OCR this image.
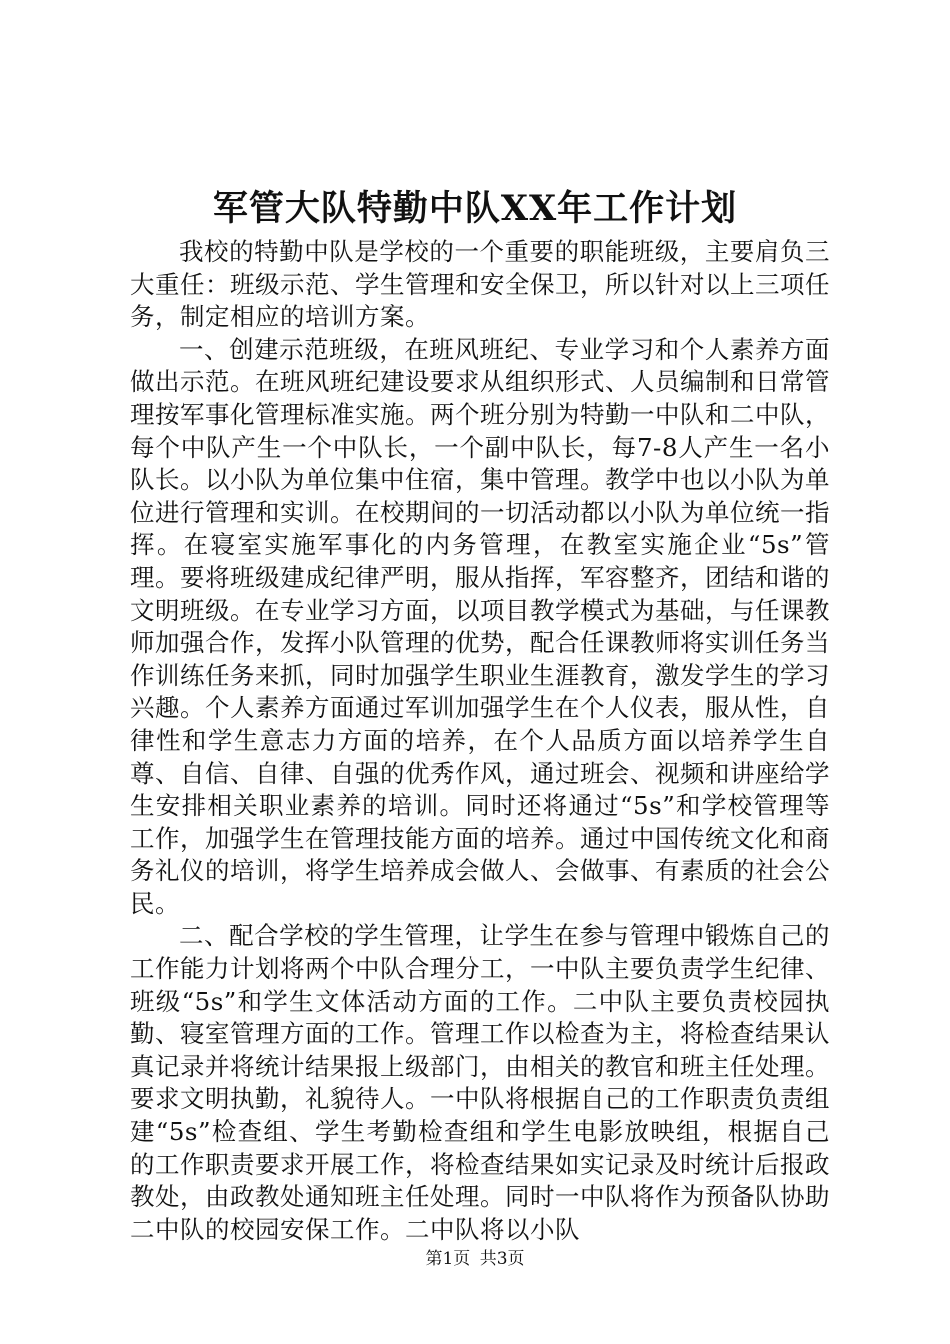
军管大队特勤中队XX年工作计划

我校的特勤中队是学校的一个重要的职能班级，主要肩负三大重任：班级示范、学生管理和安全保卫，所以针对以上三项任务，制定相应的培训方案。

一、创建示范班级，在班风班纪、专业学习和个人素养方面做出示范。在班风班纪建设要求从组织形式、人员编制和日常管理按军事化管理标准实施。两个班分别为特勤一中队和二中队，每个中队产生一个中队长，一个副中队长，每7-8人产生一名小队长。以小队为单位集中住宿，集中管理。教学中也以小队为单位进行管理和实训。在校期间的一切活动都以小队为单位统一指挥。在寝室实施军事化的内务管理，在教室实施企业“5s”管理。要将班级建成纪律严明，服从指挥，军容整齐，团结和谐的文明班级。在专业学习方面，以项目教学模式为基础，与任课教师加强合作，发挥小队管理的优势，配合任课教师将实训任务当作训练任务来抓，同时加强学生职业生涯教育，激发学生的学习兴趣。个人素养方面通过军训加强学生在个人仪表，服从性，自律性和学生意志力方面的培养，在个人品质方面以培养学生自尊、自信、自律、自强的优秀作风，通过班会、视频和讲座给学生安排相关职业素养的培训。同时还将通过“5s”和学校管理等工作，加强学生在管理技能方面的培养。通过中国传统文化和商务礼仪的培训，将学生培养成会做人、会做事、有素质的社会公民。

二、配合学校的学生管理，让学生在参与管理中锻炼自己的工作能力计划将两个中队合理分工，一中队主要负责学生纪律、班级“5s”和学生文体活动方面的工作。二中队主要负责校园执勤、寝室管理方面的工作。管理工作以检查为主，将检查结果认真记录并将统计结果报上级部门，由相关的教官和班主任处理。要求文明执勤，礼貌待人。一中队将根据自己的工作职责负责组建“5s”检查组、学生考勤检查组和学生电影放映组，根据自己的工作职责要求开展工作，将检查结果如实记录及时统计后报政教处，由政教处通知班主任处理。同时一中队将作为预备队协助二中队的校园安保工作。二中队将以小队

第1页 共3页
